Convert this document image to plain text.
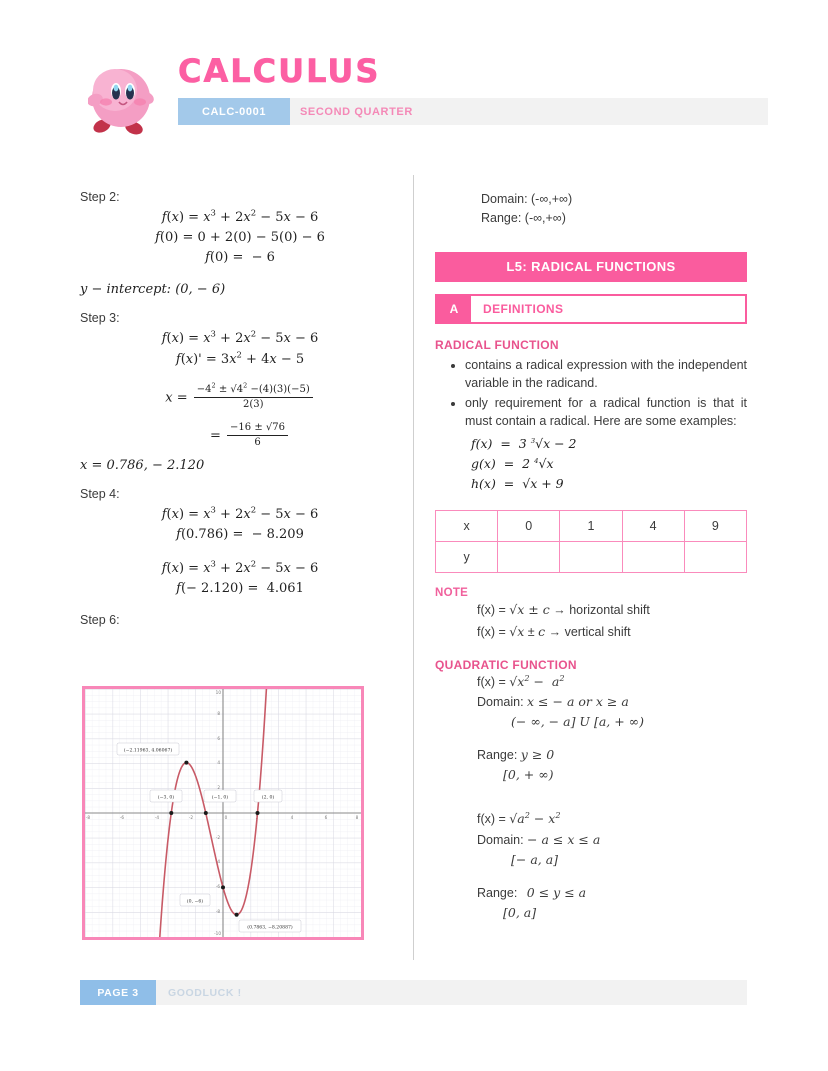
CALCULUS
CALC-0001	SECOND QUARTER
Step 2:
$f(x) = x^3 + 2x^2 - 5x - 6$
f(0) = 0 + 2(0) − 5(0) − 6
f(0) =  − 6
y − intercept: (0, − 6)
Step 3:
$f(x) = x^3 + 2x^2 - 5x - 6$
$f(x)' = 3x^2 + 4x - 5$
$x = \frac{-4^2 \pm √4^2 -(4)(3)(-5)}{2(3)}$
= $\frac{-16 \pm √76}{6}$
x = 0.786, − 2.120
Step 4:
$f(x) = x^3 + 2x^2 - 5x - 6$
f(0.786) =  − 8.209
$f(x) = x^3 + 2x^2 - 5x - 6$
f(− 2.120) =  4.061
Step 6:
-8	-4
-6	-2	0	4
2	6	8
8
6
4
2
-2
-4
-6
-8
-10
10
(−2.11963, 4.06067)
(−3, 0)	(−1, 0)	(2, 0)
(0, −6)
(0.7863, −8.20887)
Domain: (-∞,+∞)
Range: (-∞,+∞)
L5: RADICAL FUNCTIONS
A	DEFINITIONS
RADICAL FUNCTION
• contains a radical expression with the independent variable in the radicand.
• only requirement for a radical function is that it must contain a radical. Here are some examples:
f(x)  =  3 $^3$√x − 2
g(x)  =  2 $^4$√x
h(x)  =  √x + 9
x	0	1	4	9
y				
NOTE
f(x) = √x ± c → horizontal shift
f(x) = √x ± c → vertical shift
QUADRATIC FUNCTION
$f(x) = √x^2 - a^2$
Domain: x ≤ − a or x ≥ a
(− ∞, − a] U [a, + ∞)
Range: y ≥ 0
[0, + ∞)
$f(x) = √a^2 - x^2$
Domain: − a ≤ x ≤ a
[− a, a]
Range: 0 ≤ y ≤ a
[0, a]
PAGE 3	GOODLUCK !
